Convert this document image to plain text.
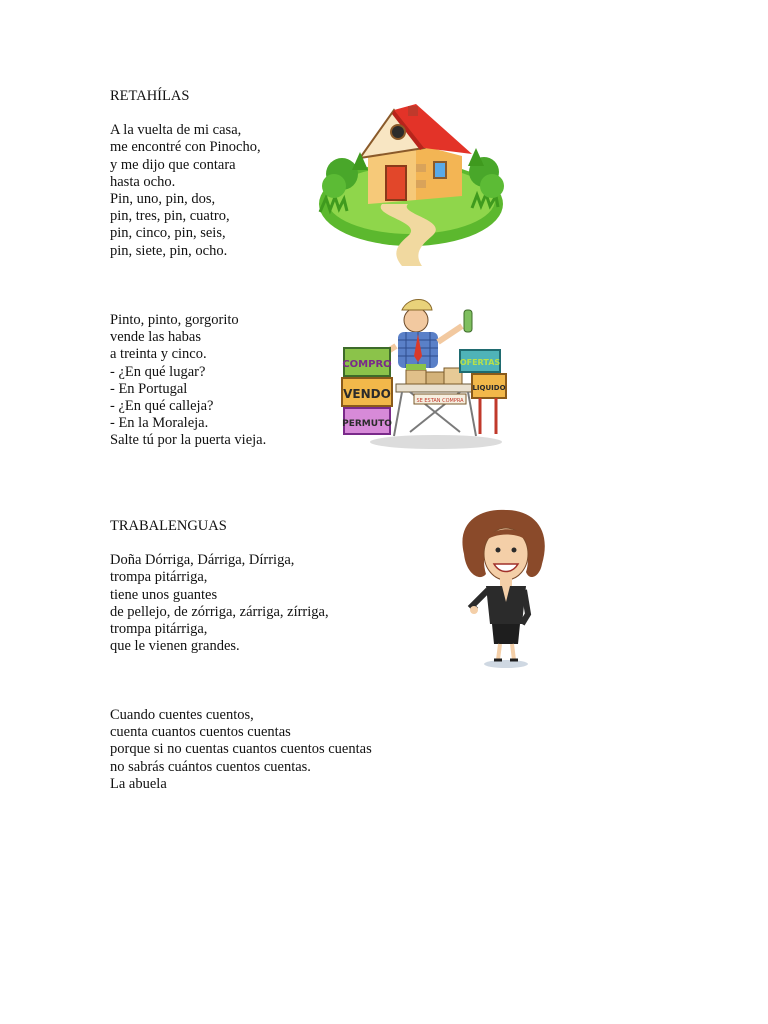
RETAHÍLAS
A la vuelta de mi casa,
me encontré con Pinocho,
y me dijo que contara
hasta ocho.
Pin, uno, pin, dos,
pin, tres, pin, cuatro,
pin, cinco, pin, seis,
pin, siete, pin, ocho.
Pinto, pinto, gorgorito
vende las habas
a treinta y cinco.
- ¿En qué lugar?
- En Portugal
- ¿En qué calleja?
- En la Moraleja.
Salte tú por la puerta vieja.
COMPRO
VENDO
PERMUTO
OFERTAS
LIQUIDO
SE ESTAN COMPRA
TRABALENGUAS
Doña Dórriga, Dárriga, Dírriga,
trompa pitárriga,
tiene unos guantes
de pellejo, de zórriga, zárriga, zírriga,
trompa pitárriga,
que le vienen grandes.
Cuando cuentes cuentos,
cuenta cuantos cuentos cuentas
porque si no cuentas cuantos cuentos cuentas
no sabrás cuántos cuentos cuentas.
La abuela
